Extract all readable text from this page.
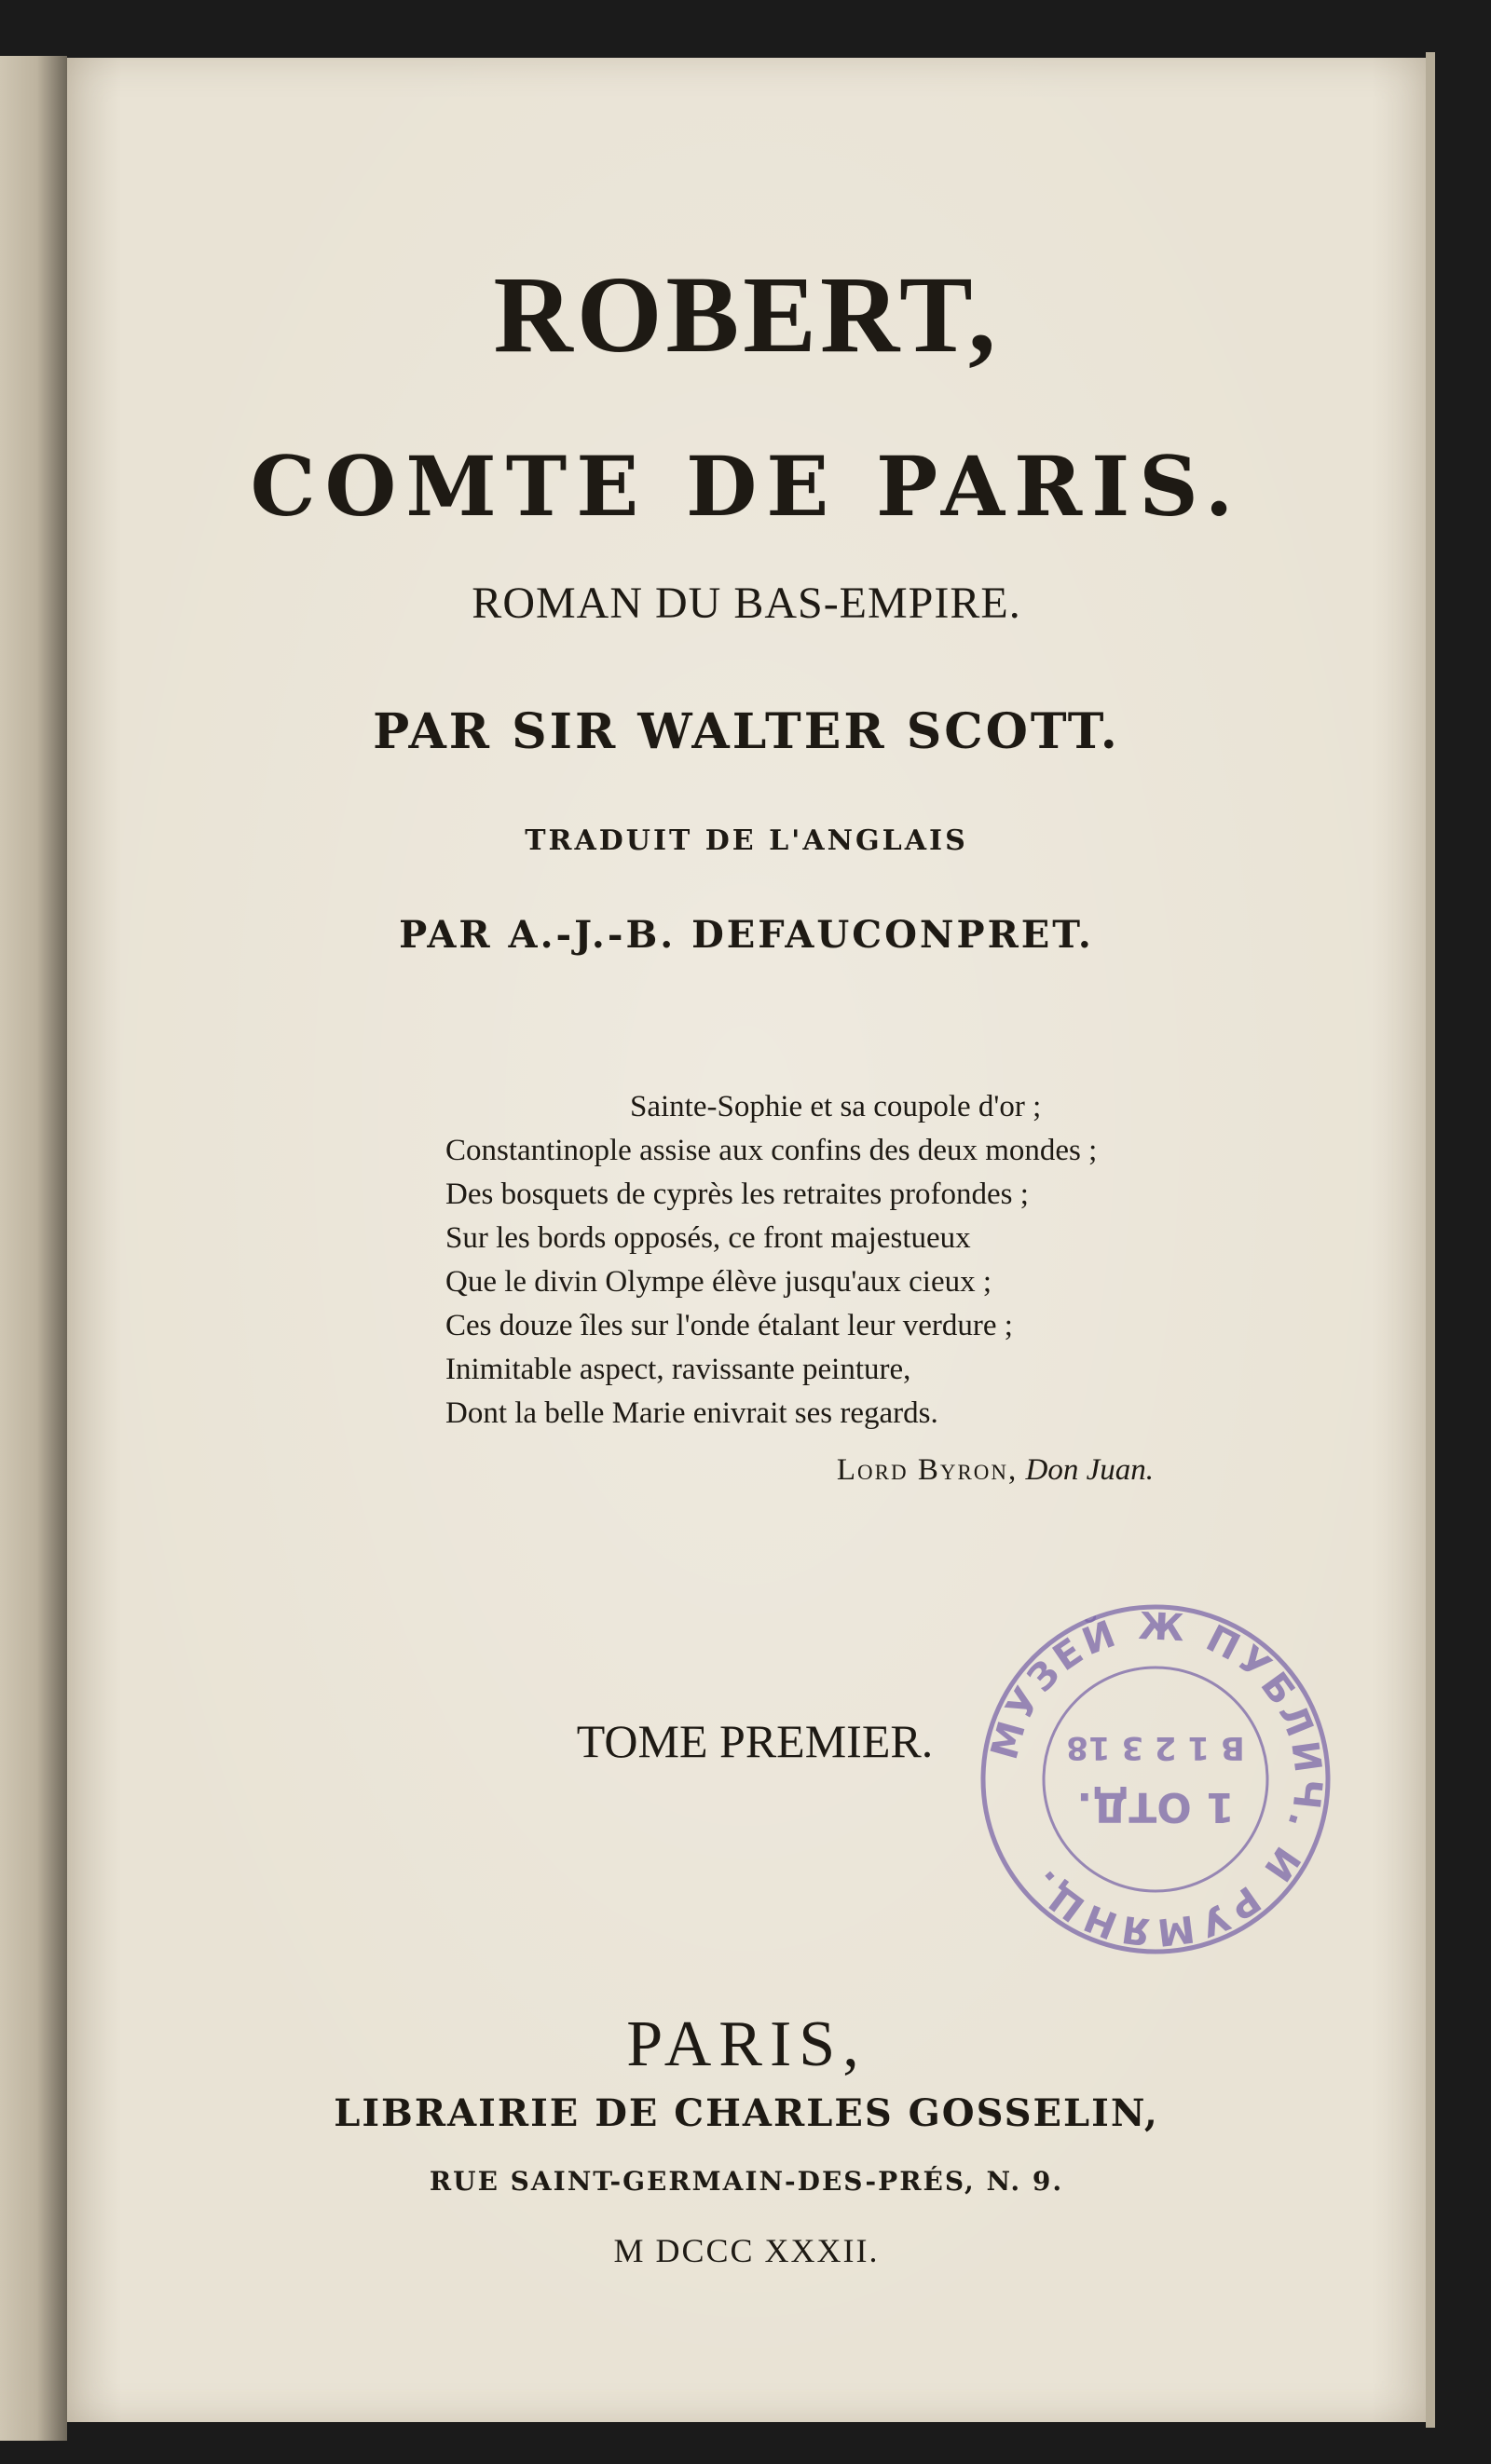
ROBERT,
COMTE DE PARIS.
ROMAN DU BAS-EMPIRE.
PAR SIR WALTER SCOTT.
TRADUIT DE L'ANGLAIS
PAR A.-J.-B. DEFAUCONPRET.
Sainte-Sophie et sa coupole d'or ;
Constantinople assise aux confins des deux mondes ;
Des bosquets de cyprès les retraites profondes ;
Sur les bords opposés, ce front majestueux
Que le divin Olympe élève jusqu'aux cieux ;
Ces douze îles sur l'onde étalant leur verdure ;
Inimitable aspect, ravissante peinture,
Dont la belle Marie enivrait ses regards.
Lord Byron, Don Juan.
TOME PREMIER.	МУЗЕЙ Ж ПУБЛИЧ. И РУМЯНЦ.
1 ОТД.
В 1 2 3 18
PARIS,
LIBRAIRIE DE CHARLES GOSSELIN,
RUE SAINT-GERMAIN-DES-PRÉS, N. 9.
M DCCC XXXII.
